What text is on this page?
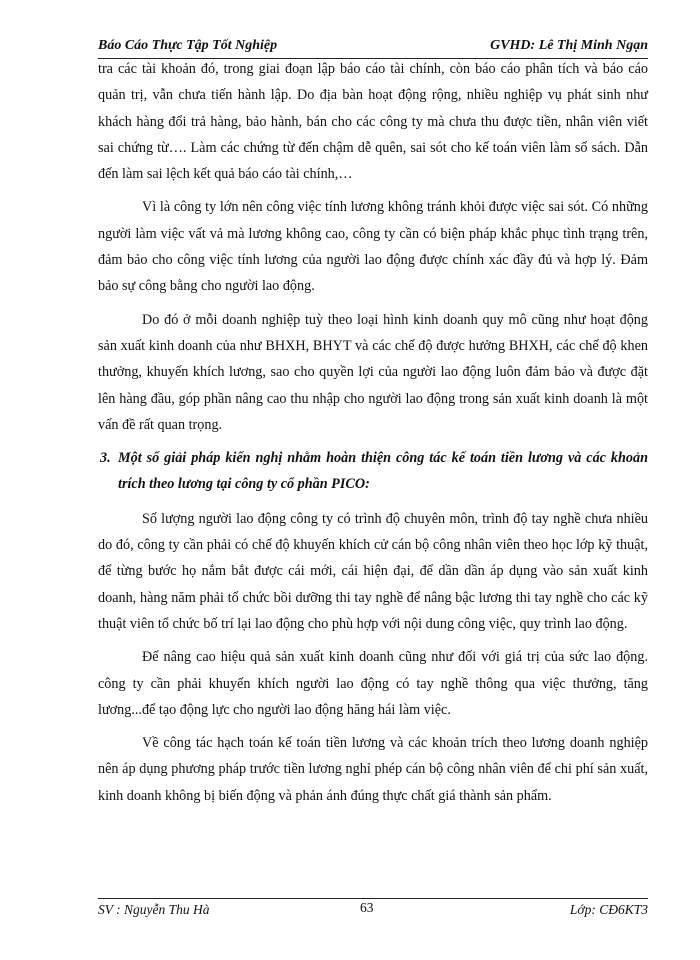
Báo Cáo Thực Tập Tốt Nghiệp	GVHD: Lê Thị Minh Ngạn

tra các tài khoản đó, trong giai đoạn lập báo cáo tài chính, còn báo cáo phân tích và báo cáo quản trị, vẫn chưa tiến hành lập. Do địa bàn hoạt động rộng, nhiều nghiệp vụ phát sinh như khách hàng đổi trả hàng, bảo hành, bán cho các công ty mà chưa thu được tiền, nhân viên viết sai chứng từ…. Làm các chứng từ đến chậm dễ quên, sai sót cho kế toán viên làm sổ sách. Dẫn đến làm sai lệch kết quả báo cáo tài chính,…

Vì là công ty lớn nên công việc tính lương không tránh khỏi được việc sai sót. Có những người làm việc vất vả mà lương không cao, công ty cần có biện pháp khắc phục tình trạng trên, đảm bảo cho công việc tính lương của người lao động được chính xác đầy đủ và hợp lý. Đảm bảo sự công bằng cho người lao động.

Do đó ở mỗi doanh nghiệp tuỳ theo loại hình kinh doanh quy mô cũng như hoạt động sản xuất kinh doanh của như BHXH, BHYT và các chế độ được hưởng BHXH, các chế độ khen thưởng, khuyến khích lương, sao cho quyền lợi của người lao động luôn đảm bảo và được đặt lên hàng đầu, góp phần nâng cao thu nhập cho người lao động trong sản xuất kinh doanh là một vấn đề rất quan trọng.

3. Một số giải pháp kiến nghị nhằm hoàn thiện công tác kế toán tiền lương và các khoản trích theo lương tại công ty cổ phần PICO:

Số lượng người lao động công ty có trình độ chuyên môn, trình độ tay nghề chưa nhiều do đó, công ty cần phải có chế độ khuyến khích cử cán bộ công nhân viên theo học lớp kỹ thuật, để từng bước họ nắm bắt được cái mới, cái hiện đại, để dần dần áp dụng vào sản xuất kinh doanh, hàng năm phải tổ chức bồi dưỡng thi tay nghề để nâng bậc lương thi tay nghề cho các kỹ thuật viên tổ chức bố trí lại lao động cho phù hợp với nội dung công việc, quy trình lao động.

Để nâng cao hiệu quả sản xuất kinh doanh cũng như đối với giá trị của sức lao động. công ty cần phải khuyến khích người lao động có tay nghề thông qua việc thưởng, tăng lương...để tạo động lực cho người lao động hăng hái làm việc.

Về công tác hạch toán kế toán tiền lương và các khoản trích theo lương doanh nghiệp nên áp dụng phương pháp trước tiền lương nghỉ phép cán bộ công nhân viên để chi phí sản xuất, kinh doanh không bị biến động và phản ánh đúng thực chất giá thành sản phẩm.

SV : Nguyễn Thu Hà	63	Lớp: CĐ6KT3
